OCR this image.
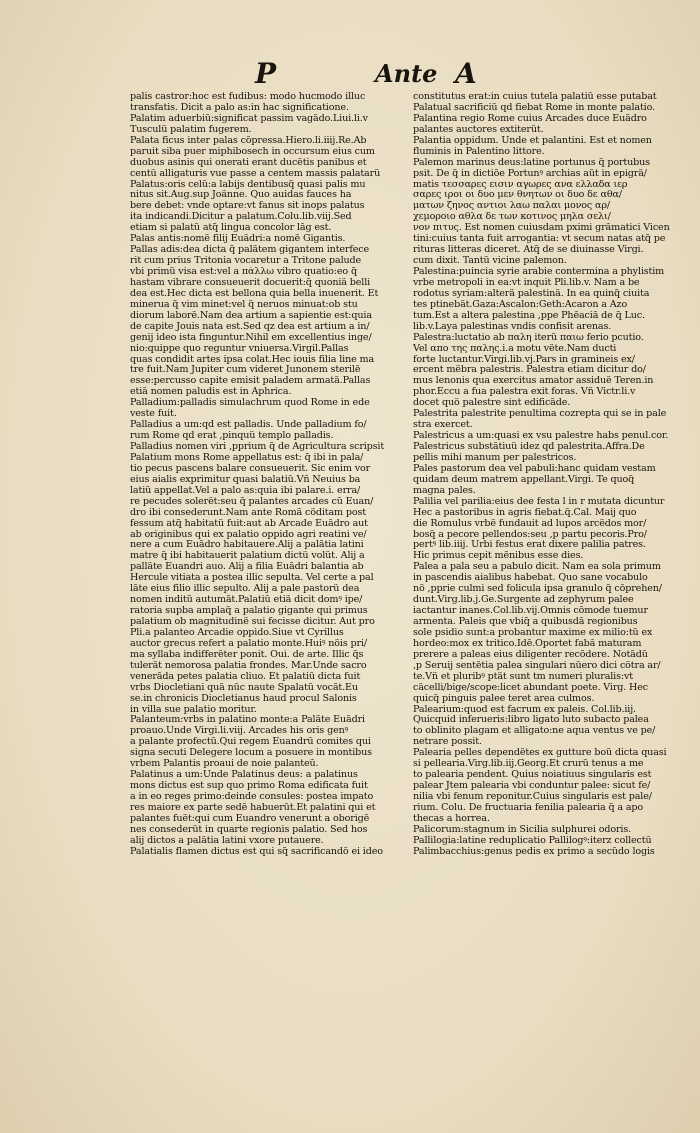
P	Ante A
palis castror:hoc est fudibus: modo hucmodo illuc
transfatis. Dicit̃ a palo as:in hac significatione.
Palatim aduerbiũ:significat passim vagãdo.Liui.li.v
Tusculũ palatim fugerem.
Palata ficus inter palas cõpressa.Hiero.li.iiij.Re.Ab
paruit siba puer miphibosech in occursum eius cum
duobus asinis qui onerati erant ducẽtis panibus et
centũ alligaturis vue passe a centem massis palatarũ
Palatus:oris celũ:a labijs dentibusq̃ quasi palis mu
nitus sit.Aug.sup Joãnne. Quo auidas fauces ha
bere debet: vnde optare:vt fanus sit inops palatus
ita indicandi.Dicitur a palatum.Colu.lib.viij.Sed
etiam si palatũ atq̃ lingua concolor lãg est.
Palas antis:nomẽ filij Euãdri:a nomẽ Gigantis.
Pallas adis:dea dicta q̃ palãtem gigantem interfece
rit cum prius Tritonia vocaretur a Tritone palude
vbi primũ visa est:vel a πάλλω vibro quatio:eo q̃
hastam vibrare consueuerit docuerit:q̃ quoniã belli
dea est.Hec dicta est bellona quia bella inuenerit. Et
minerua q̃ vim minet:vel q̃ neruos minuat:ob stu
diorum laborẽ.Nam dea artium a sapientie est:quia
de capite Jouis nata est.Sed qz dea est artium a in/
genij ideo ista finguntur.Nihil em excellentius inge/
nio:quippe quo reguntur vniuersa.Virgil.Pallas
quas condidit artes ipsa colat.Hec iouis filia line ma
tre fuit.Nam Jupiter cum videret Junonem sterilẽ
esse:percusso capite emisit paladem armatã.Pallas
etiã nomen paludis est in Aphrica.
Palladium:palladis simulachrum quod Rome in ede
veste fuit.
Palladius a um:qd est palladis. Unde palladium fo/
rum Rome qd erat ,pinquũ templo palladis.
Palladius nomen viri ,pprium q̃ de Agricultura scripsit
Palatium mons Rome appellatus est: q̃ ibi in pala/
tio pecus pascens balare consueuerit. Sic enim vor
eius aialis exprimitur quasi balatiũ.Vñ Neuius ba
latiũ appellat.Vel a palo as:quia ibi palare.i. erra/
re pecudes solerẽt:seu q̃ palantes arcades cũ Euan/
dro ibi consederunt.Nam ante Romã cõditam post
fessum atq̃ habitatũ fuit:aut ab Arcade Euãdro aut
ab originibus qui ex palatio oppido agri reatini ve/
nere a cum Euãdro habitauere.Alij a palãtia latini
matre q̃ ibi habitauerit palatium dictũ volũt. Alij a
pallãte Euandri auo. Alij a filia Euãdri balantia ab
Hercule vitiata a postea illic sepulta. Vel certe a pal
lãte eius filio illic sepulto. Alij a pale pastorũ dea
nomen inditũ autumãt.Palatiũ etiã dicit domꝰ ipe/
ratoria supba amplaq̃ a palatio gigante qui primus
palatium ob magnitudinẽ sui fecisse dicitur. Aut pro
Pli.a palanteo Arcadie oppido.Siue vt Cyrillus
auctor grecus refert a palatio monte.Huiꝰ nõis pri/
ma syllaba indifferẽter ponit. Oui. de arte. Illic q̃s
tulerãt nemorosa palatia frondes. Mar.Unde sacro
venerãda petes palatia cliuo. Et palatiũ dicta fuit
vrbs Diocletiani quã nũc naute Spalatũ vocãt.Eu
se.in chronicis Diocletianus haud procul Salonis
in villa sue palatio moritur.
Palanteum:vrbs in palatino monte:a Palãte Euãdri
proauo.Unde Virgi.li.viij. Arcades his oris genꝰ
a palante profectũ.Qui regem Euandrũ comites qui
signa secuti Delegere locum a posuere in montibus
vrbem Palantis proaui de noie palanteũ.
Palatinus a um:Unde Palatinus deus: a palatinus
mons dictus est sup quo primo Roma edificata fuit
a in eo reges primo:deinde consules: postea impato
res maiore ex parte sedẽ habuerũt.Et palatini qui et
palantes fuẽt:qui cum Euandro venerunt a oborigẽ
nes consederũt in quarte regionis palatio. Sed hos
alij dictos a palãtia latini vxore putauere.
Palatialis flamen dictus est qui sq̃ sacrificandõ ei ideo
constitutus erat:in cuius tutela palatiũ esse putabat
Palatual sacrificiũ qd fiebat Rome in monte palatio.
Palantina regio Rome cuius Arcades duce Euãdro
palantes auctores extiterũt.
Palantia oppidum. Unde et palantini. Est et nomen
fluminis in Palentino littore.
Palemon marinus deus:latine portunus q̃ portubus
psit. De q̃ in dictiõe Portunꝰ archias aũt in epigrã/
matis τεσσαρες εισιν αγωρες ανα ελλαδα ιερ
σαρες ιροι οι δυο μεν θνητων οι δυο δε αθα/
ματων ζηνος αντιοι λαω παλαι μονος αρ/
χεμοροιο αθλα δε των κοτινος μηλα σελι/
νον πιτυς. Est nomen cuiusdam pximi grãmatici Vicen
tini:cuius tanta fuit arrogantia: vt secum natas atq̃ pe
rituras litteras diceret. Atq̃ de se diuinasse Virgi.
cum dixit. Tantũ vicine palemon.
Palestina:puincia syrie arabie contermina a phylistim
vrbe metropoli in ea:vt inquit Pli.lib.v. Nam a be
rodotus syriam:alterã palestinã. In ea quinq̃ ciuita
tes ptinebãt.Gaza:Ascalon:Geth:Acaron a Azo
tum.Est a altera palestina ,ppe Phẽaciã de q̃ Luc.
lib.v.Laya palestinas vndis confisit arenas.
Palestra:luctatio ab παλη iterũ παιω ferio pcutio.
Vel απο της παλης.i.a motu vẽte.Nam ducti
forte luctantur.Virgi.lib.vj.Pars in gramineis ex/
ercent mẽbra palestris. Palestra etiam dicitur do/
mus lenonis qua exercitus amator assiduẽ Teren.in
phor.Eccu a fua palestra exit foras. Vñ Victr.li.v
docet quõ palestre sint edificãde.
Palestrita palestrite penultima cozrepta qui se in pale
stra exercet.
Palestricus a um:quasi ex vsu palestre habs penul.cor.
Palestricus substãtiuũ idez qd palestrita.Affra.De
pellis mihi manum per palestricos.
Pales pastorum dea vel pabuli:hanc quidam vestam
quidam deum matrem appellant.Virgi. Te quoq̃
magna pales.
Palilia vel parilia:eius dee festa l in r mutata dicuntur
Hec a pastoribus in agris fiebat.q̃.Cal. Maij quo
die Romulus vrbẽ fundauit ad lupos arcẽdos mor/
bosq̃ a pecore pellendos:seu ,p partu pecoris.Pro/
pertꝰ lib.iiij. Urbi festus erat dixere palilia patres.
Hic primus cepit mẽnibus esse dies.
Palea a pala seu a pabulo dicit. Nam ea sola primum
in pascendis aialibus habebat. Quo sane vocabulo
nõ ,pprie culmi sed folicula ipsa granulo q̃ cõprehen/
dunt.Virg.lib.j.Ge.Surgente ad zephyrum palee
iactantur inanes.Col.lib.vij.Omnis cõmode tuemur
armenta. Paleis que vbiq̃ a quibusdã regionibus
sole psidio sunt:a probantur maxime ex milio:tũ ex
hordeo:mox ex tritico.Idẽ.Oportet fabã maturam
prerere a paleas eius diligenter recõdere. Notãdũ
,p Seruij sentẽtia palea singulari nũero dici cõtra ar/
te.Vñ et pluribꝰ ptãt sunt tm numeri pluralis:vt
cãcelli/bige/scope:licet abundant poete. Virg. Hec
quicq̃ pinguis palee teret area culmos.
Palearium:quod est facrum ex paleis. Col.lib.iij.
Quicquid inferueris:libro ligato luto subacto palea
to oblinito plagam et alligato:ne aqua ventus ve pe/
netrare possit.
Palearia pelles dependẽtes ex gutture boũ dicta quasi
si pellearia.Virg.lib.iij.Georg.Et crurũ tenus a me
to palearia pendent. Quius noiatiuus singularis est
palear Jtem palearia vbi conduntur palee: sicut fe/
nilia vbi fenum reponitur.Cuius singularis est pale/
rium. Colu. De fructuaria fenilia palearia q̃ a apo
thecas a horrea.
Palicorum:stagnum in Sicilia sulphurei odoris.
Pallilogia:latine reduplicatio Pallilogꝰ:iterz collectũ
Palimbacchius:genus pedis ex primo a secũdo logis
